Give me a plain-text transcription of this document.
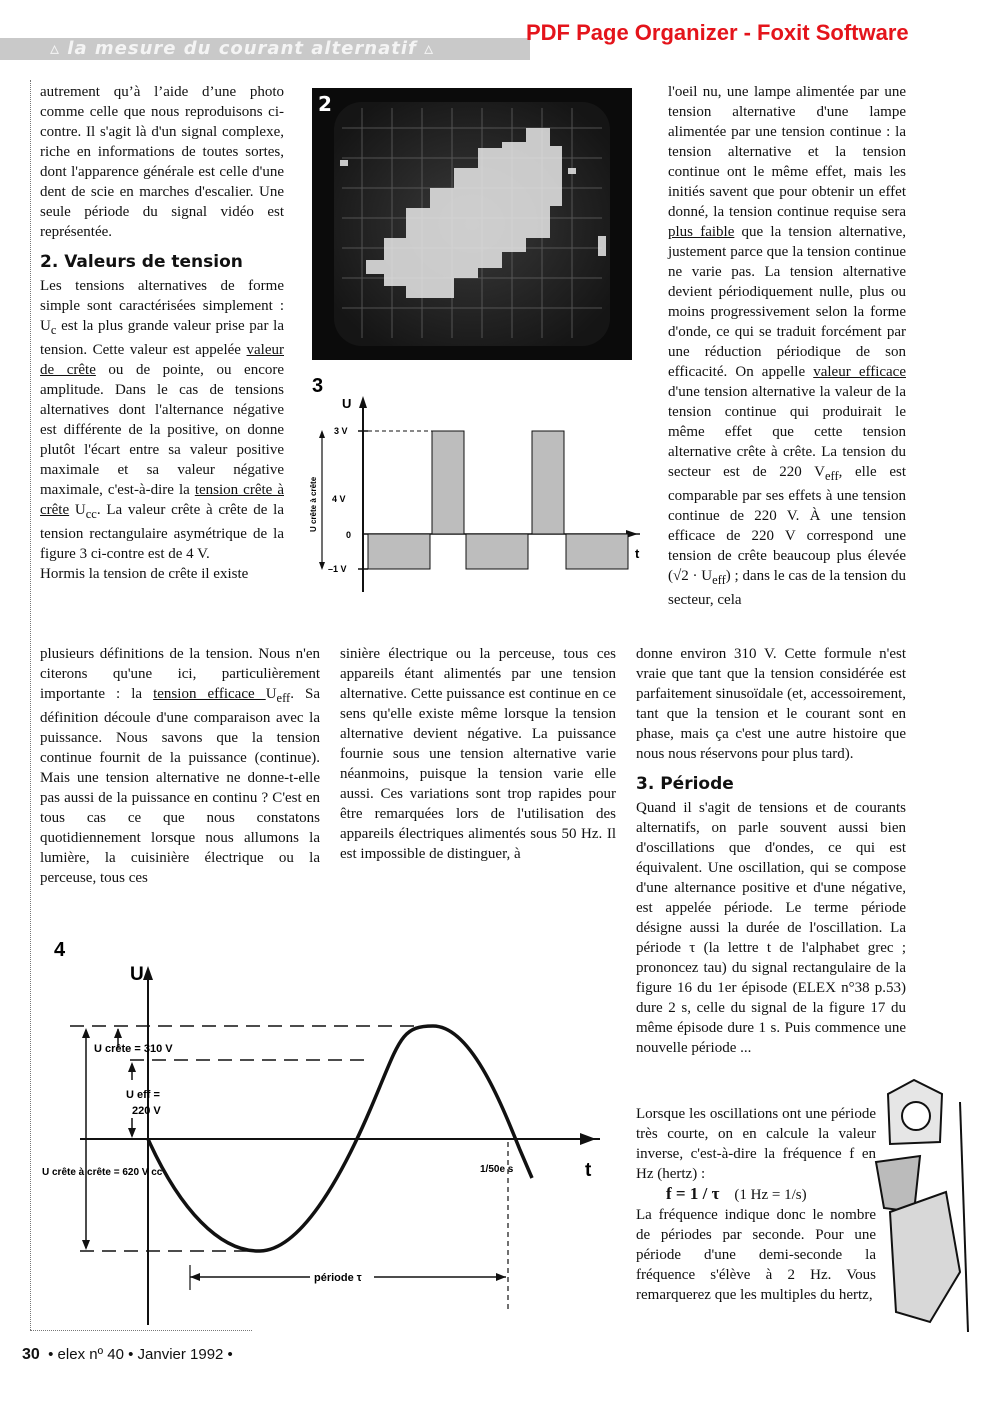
▵ la mesure du courant alternatif ▵
PDF Page Organizer - Foxit Software

autrement qu’à l’aide d’une photo comme celle que nous reproduisons ci-contre. Il s'agit là d'un signal complexe, riche en informations de toutes sortes, dont l'apparence générale est celle d'une dent de scie en marches d'escalier. Une seule période du signal vidéo est représentée.

2. Valeurs de tension

Les tensions alternatives de forme simple sont caractérisées simplement : $U_c$ est la plus grande valeur prise par la tension. Cette valeur est appelée valeur de crête ou de pointe, ou encore amplitude. Dans le cas de tensions alternatives dont l'alternance négative est différente de la positive, on donne plutôt l'écart entre sa valeur positive maximale et sa valeur négative maximale, c'est-à-dire la tension crête à crête $U_{cc}$. La valeur crête à crête de la tension rectangulaire asymétrique de la figure 3 ci-contre est de 4 V.

Hormis la tension de crête il existe

plusieurs définitions de la tension. Nous n'en citerons qu'une ici, particulièrement importante : la tension efficace $U_{eff}$. Sa définition découle d'une comparaison avec la puissance. Nous savons que la tension continue fournit de la puissance (continue). Mais une tension alternative ne donne-t-elle pas aussi de la puissance en continu ? C'est en tous cas ce que nous constatons quotidiennement lorsque nous allumons la lumière, la cuisinière électrique ou la perceuse, tous ces

sinière électrique ou la perceuse, tous ces appareils étant alimentés par une tension alternative. Cette puissance est continue en ce sens qu'elle existe même lorsque la tension alternative devient négative. La puissance fournie sous une tension alternative varie néanmoins, puisque la tension varie elle aussi. Ces variations sont trop rapides pour être remarquées lors de l'utilisation des appareils électriques alimentés sous 50 Hz. Il est impossible de distinguer, à

l'oeil nu, une lampe alimentée par une tension alternative d'une lampe alimentée par une tension continue : la tension alternative et la tension continue ont le même effet, mais les initiés savent que pour obtenir un effet donné, la tension continue requise sera plus faible que la tension alternative, justement parce que la tension continue ne varie pas. La tension alternative devient périodiquement nulle, plus ou moins progressivement selon la forme d'onde, ce qui se traduit forcément par une réduction périodique de son efficacité. On appelle valeur efficace d'une tension alternative la valeur de la tension continue qui produirait le même effet que cette tension alternative crête à crête. La tension du secteur est de 220 $V_{eff}$, elle est comparable par ses effets à une tension continue de 220 V. À une tension efficace de 220 V correspond une tension de crête beaucoup plus élevée $(√2 \cdot U_{eff})$ ; dans le cas de la tension du secteur, cela

donne environ 310 V. Cette formule n'est vraie que tant que la tension considérée est parfaitement sinusoïdale (et, accessoirement, tant que la tension et le courant sont en phase, mais ça c'est une autre histoire que nous nous réservons pour plus tard).

3. Période

Quand il s'agit de tensions et de courants alternatifs, on parle souvent aussi bien d'oscillations que d'ondes, ce qui est équivalent. Une oscillation, qui se compose d'une alternance positive et d'une négative, est appelée période. Le terme période désigne aussi la durée de l'oscillation. La période τ (la lettre t de l'alphabet grec ; prononcez tau) du signal rectangulaire de la figure 16 du 1er épisode (ELEX n°38 p.53) dure 2 s, celle du signal de la figure 17 du même épisode dure 1 s. Puis commence une nouvelle période ...

Lorsque les oscillations ont une période très courte, on en calcule la valeur inverse, c'est-à-dire la fréquence f en Hz (hertz) :

f = 1 / τ (1 Hz = 1/s)

La fréquence indique donc le nombre de périodes par seconde. Pour une période d'une demi-seconde la fréquence s'élève à 2 Hz. Vous remarquerez que les multiples du hertz,

2
3
U
t
3 V
0
–1 V
4 V
U crête à crête
4
U
t
U crête = 310 V
U eff =
220 V
U crête à crête = 620 V cc	1/50e s
période τ
30 • elex nº 40 • Janvier 1992 •
